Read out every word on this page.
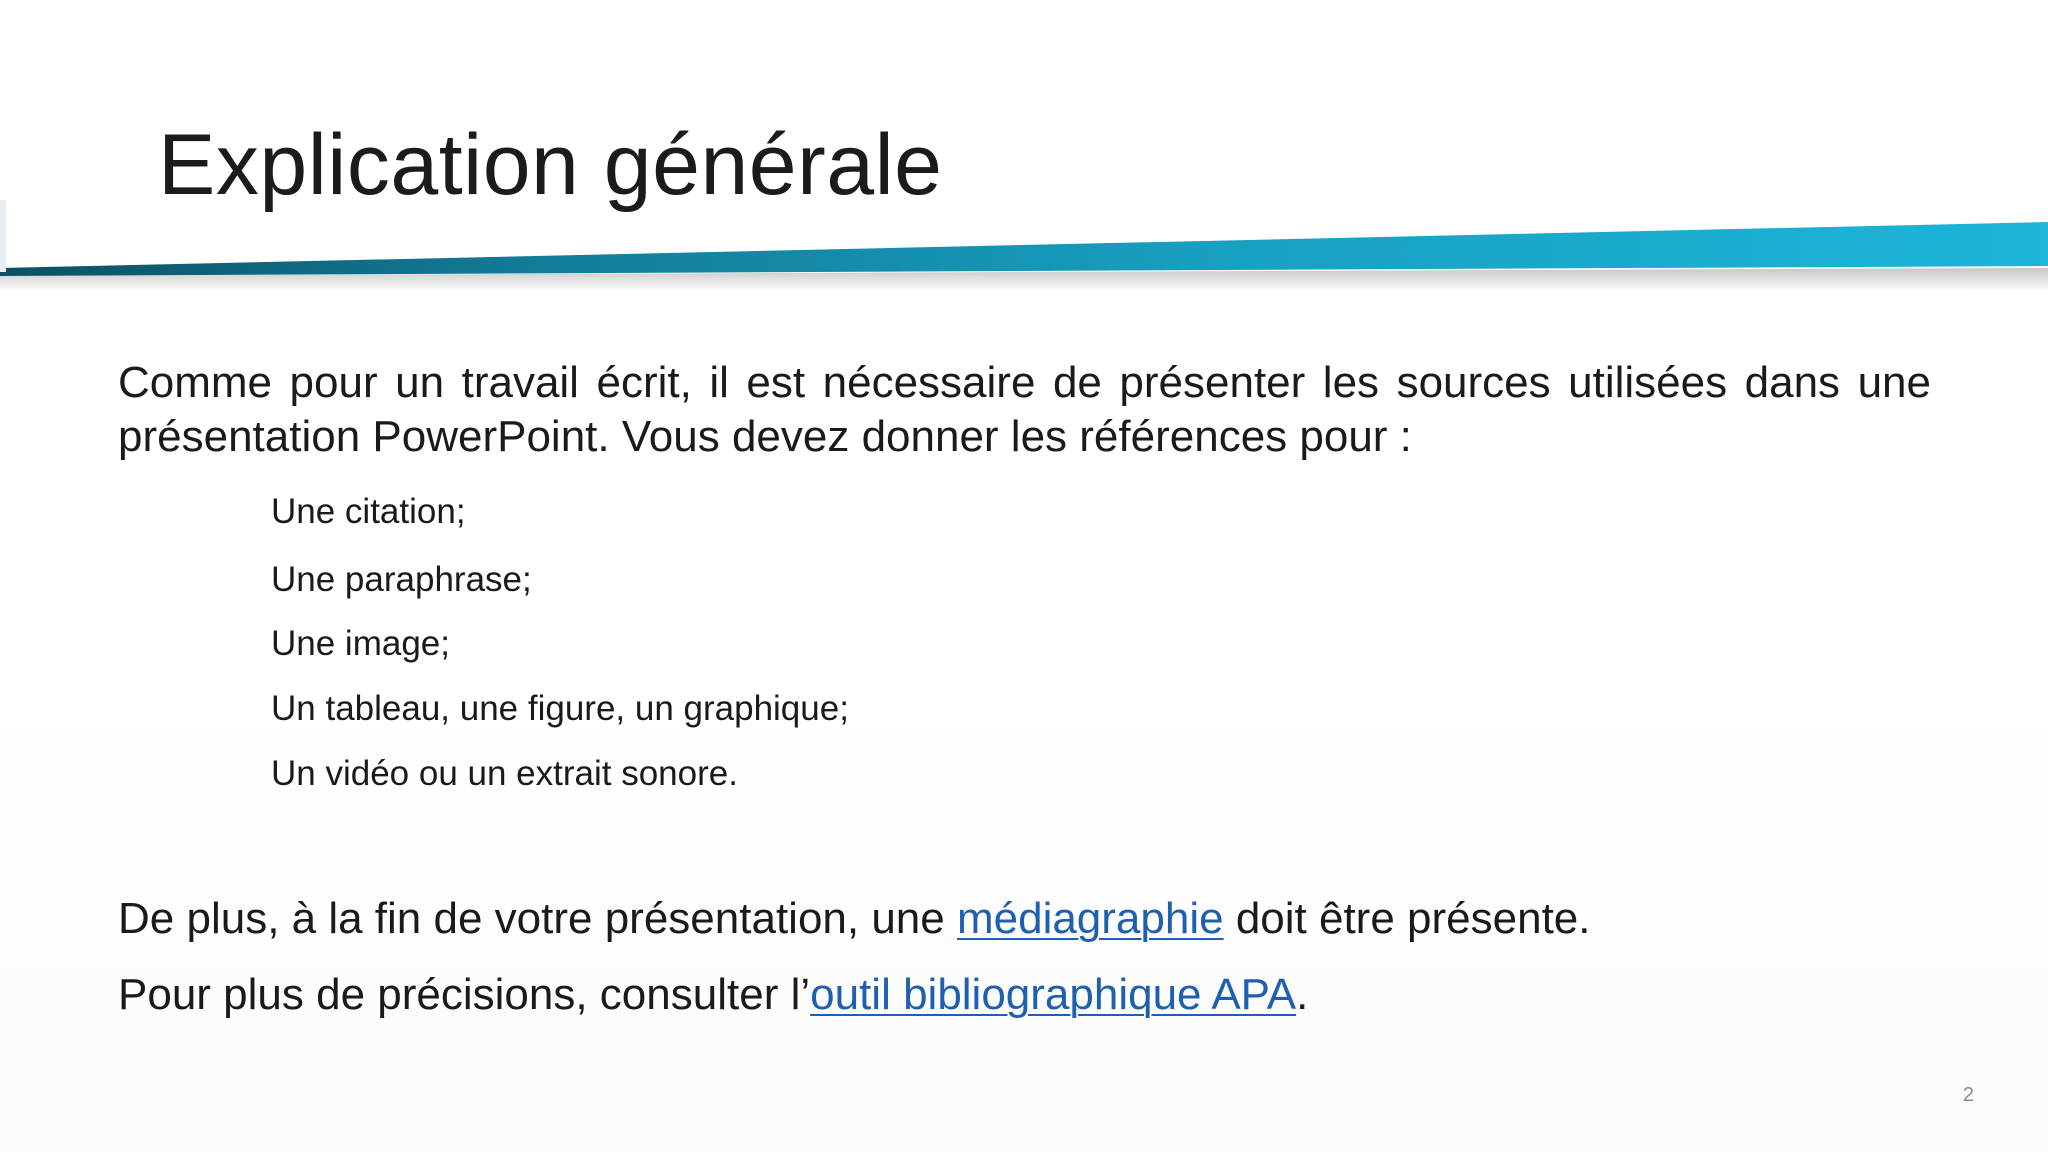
Explication générale

Comme pour un travail écrit, il est nécessaire de présenter les sources utilisées dans une présentation PowerPoint. Vous devez donner les références pour :

Une citation;
Une paraphrase;
Une image;
Un tableau, une figure, un graphique;
Un vidéo ou un extrait sonore.

De plus, à la fin de votre présentation, une médiagraphie doit être présente.

Pour plus de précisions, consulter l’outil bibliographique APA.

2
